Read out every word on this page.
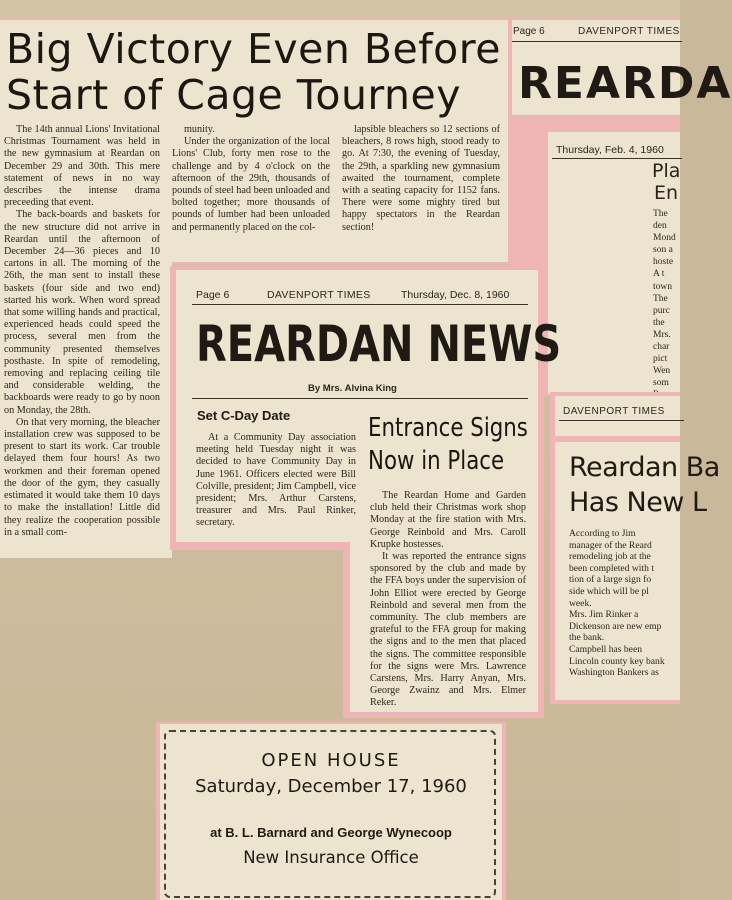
Page 6	DAVENPORT TIMES
REARDA
Thursday, Feb. 4, 1960
Pla
En
The
den
Mond
son a
hoste
A t
town
The
purc
the
Mrs.
char
pict
Wen
som
DAVENPORT TIMES
Reardan Ba
Has New L
According to Jim
manager of the Reard
remodeling job at the
been completed with t
tion of a large sign fo
side which will be pl
week.
Mrs. Jim Rinker a
Dickenson are new emp
the bank.
Campbell has been
Lincoln county key bank
Washington Bankers as
Big Victory Even Before
Start of Cage Tourney

The 14th annual Lions' Invitational Christmas Tournament was held in the new gymnasium at Reardan on December 29 and 30th. This mere statement of news in no way describes the intense drama preceeding that event.

The back-boards and baskets for the new structure did not arrive in Reardan until the afternoon of December 24—36 pieces and 10 cartons in all. The morning of the 26th, the man sent to install these baskets (four side and two end) started his work. When word spread that some willing hands and practical, experienced heads could speed the process, several men from the community presented themselves posthaste. In spite of remodeling, removing and replacing ceiling tile and considerable welding, the backboards were ready to go by noon on Monday, the 28th.

On that very morning, the bleacher installation crew was supposed to be present to start its work. Car trouble delayed them four hours! As two workmen and their foreman opened the door of the gym, they casually estimated it would take them 10 days to make the installation! Little did they realize the cooperation possible in a small com-

munity.

Under the organization of the local Lions' Club, forty men rose to the challenge and by 4 o'clock on the afternoon of the 29th, thousands of pounds of steel had been unloaded and bolted together; more thousands of pounds of lumber had been unloaded and permanently placed on the col-

lapsible bleachers so 12 sections of bleachers, 8 rows high, stood ready to go. At 7:30, the evening of Tuesday, the 29th, a sparkling new gymnasium awaited the tournament, complete with a seating capacity for 1152 fans. There were some mighty tired but happy spectators in the Reardan section!

Page 6	DAVENPORT TIMES	Thursday, Dec. 8, 1960
REARDAN NEWS
By Mrs. Alvina King
Set C-Day Date

At a Community Day association meeting held Tuesday night it was decided to have Community Day in June 1961. Officers elected were Bill Colville, president; Jim Campbell, vice president; Mrs. Arthur Carstens, treasurer and Mrs. Paul Rinker, secretary.

Entrance Signs
Now in Place

The Reardan Home and Garden club held their Christmas work shop Monday at the fire station with Mrs. George Reinbold and Mrs. Caroll Krupke hostesses.

It was reported the entrance signs sponsored by the club and made by the FFA boys under the supervision of John Elliot were erected by George Reinbold and several men from the community. The club members are grateful to the FFA group for making the signs and to the men that placed the signs. The committee responsible for the signs were Mrs. Lawrence Carstens, Mrs. Harry Anyan, Mrs. George Zwainz and Mrs. Elmer Reker.

OPEN HOUSE
Saturday, December 17, 1960
at B. L. Barnard and George Wynecoop
New Insurance Office
